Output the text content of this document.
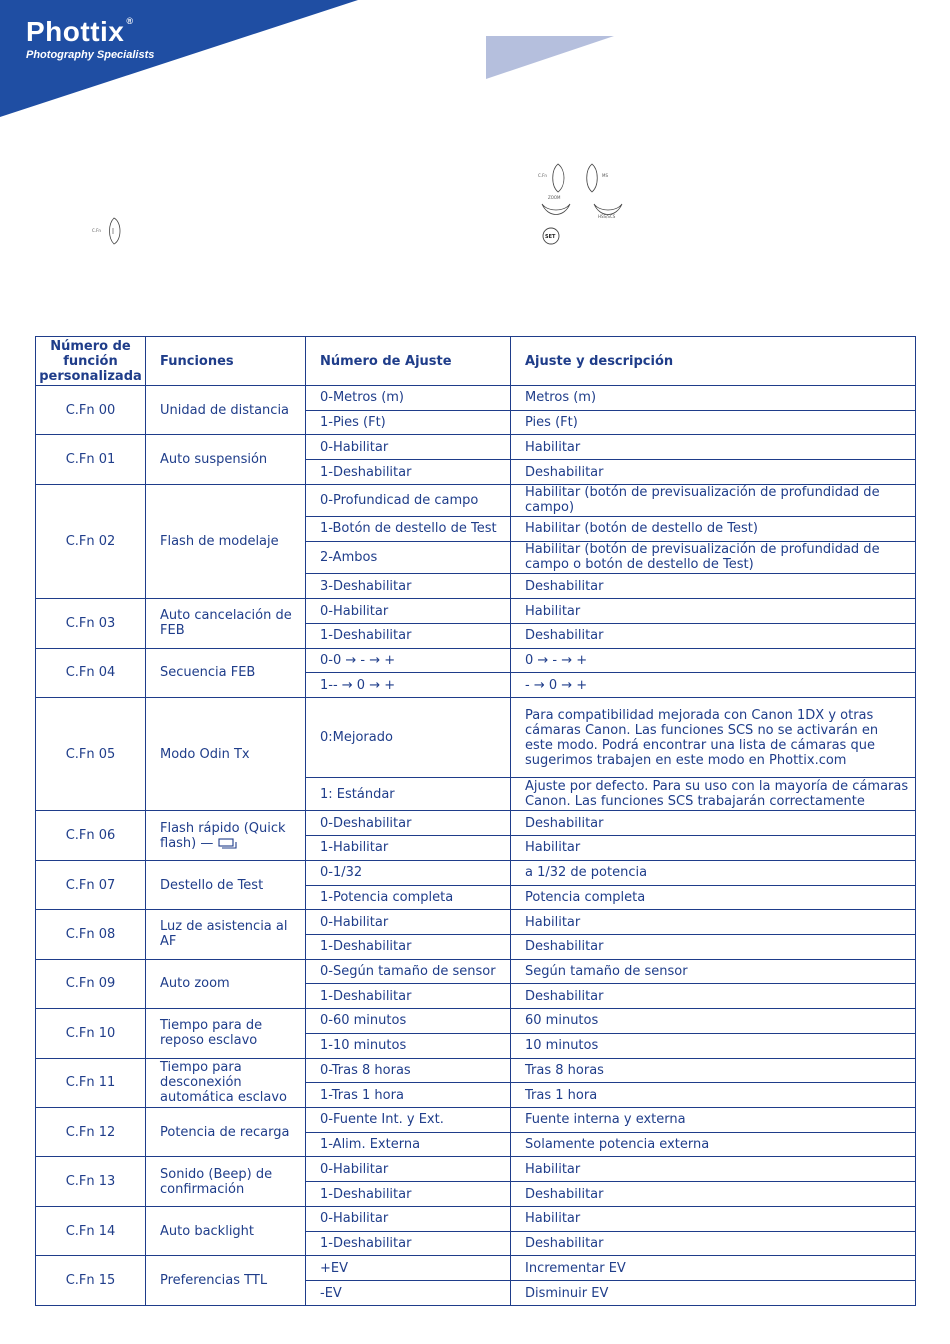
Phottix ®
Photography Specialists
C.Fn
C.Fn	MS
ZOOM
HSS/SCS
SET
Número de función personalizada	Funciones	Número de Ajuste	Ajuste y descripción
C.Fn 00	Unidad de distancia	0-Metros (m)	Metros (m)
		1-Pies (Ft)	Pies (Ft)
C.Fn 01	Auto suspensión	0-Habilitar	Habilitar
		1-Deshabilitar	Deshabilitar
C.Fn 02	Flash de modelaje	0-Profundicad de campo	Habilitar (botón de previsualización de profundidad de campo)
		1-Botón de destello de Test	Habilitar (botón de destello de Test)
		2-Ambos	Habilitar (botón de previsualización de profundidad de campo o botón de destello de Test)
		3-Deshabilitar	Deshabilitar
C.Fn 03	Auto cancelación de FEB	0-Habilitar	Habilitar
		1-Deshabilitar	Deshabilitar
C.Fn 04	Secuencia FEB	0-0 → - → +	0 → - → +
		1-- → 0 → +	- → 0 → +
C.Fn 05	Modo Odin Tx	0:Mejorado	Para compatibilidad mejorada con Canon 1DX y otras cámaras Canon. Las funciones SCS no se activarán en este modo. Podrá encontrar una lista de cámaras que sugerimos trabajen en este modo en Phottix.com
		1: Estándar	Ajuste por defecto. Para su uso con la mayoría de cámaras Canon. Las funciones SCS trabajarán correctamente
C.Fn 06	Flash rápido (Quick flash) —	0-Deshabilitar	Deshabilitar
		1-Habilitar	Habilitar
C.Fn 07	Destello de Test	0-1/32	a 1/32 de potencia
		1-Potencia completa	Potencia completa
C.Fn 08	Luz de asistencia al AF	0-Habilitar	Habilitar
		1-Deshabilitar	Deshabilitar
C.Fn 09	Auto zoom	0-Según tamaño de sensor	Según tamaño de sensor
		1-Deshabilitar	Deshabilitar
C.Fn 10	Tiempo para de reposo esclavo	0-60 minutos	60 minutos
		1-10 minutos	10 minutos
C.Fn 11	Tiempo para desconexión automática esclavo	0-Tras 8 horas	Tras 8 horas
		1-Tras 1 hora	Tras 1 hora
C.Fn 12	Potencia de recarga	0-Fuente Int. y Ext.	Fuente interna y externa
		1-Alim. Externa	Solamente potencia externa
C.Fn 13	Sonido (Beep) de confirmación	0-Habilitar	Habilitar
		1-Deshabilitar	Deshabilitar
C.Fn 14	Auto backlight	0-Habilitar	Habilitar
		1-Deshabilitar	Deshabilitar
C.Fn 15	Preferencias TTL	+EV	Incrementar EV
		-EV	Disminuir EV
